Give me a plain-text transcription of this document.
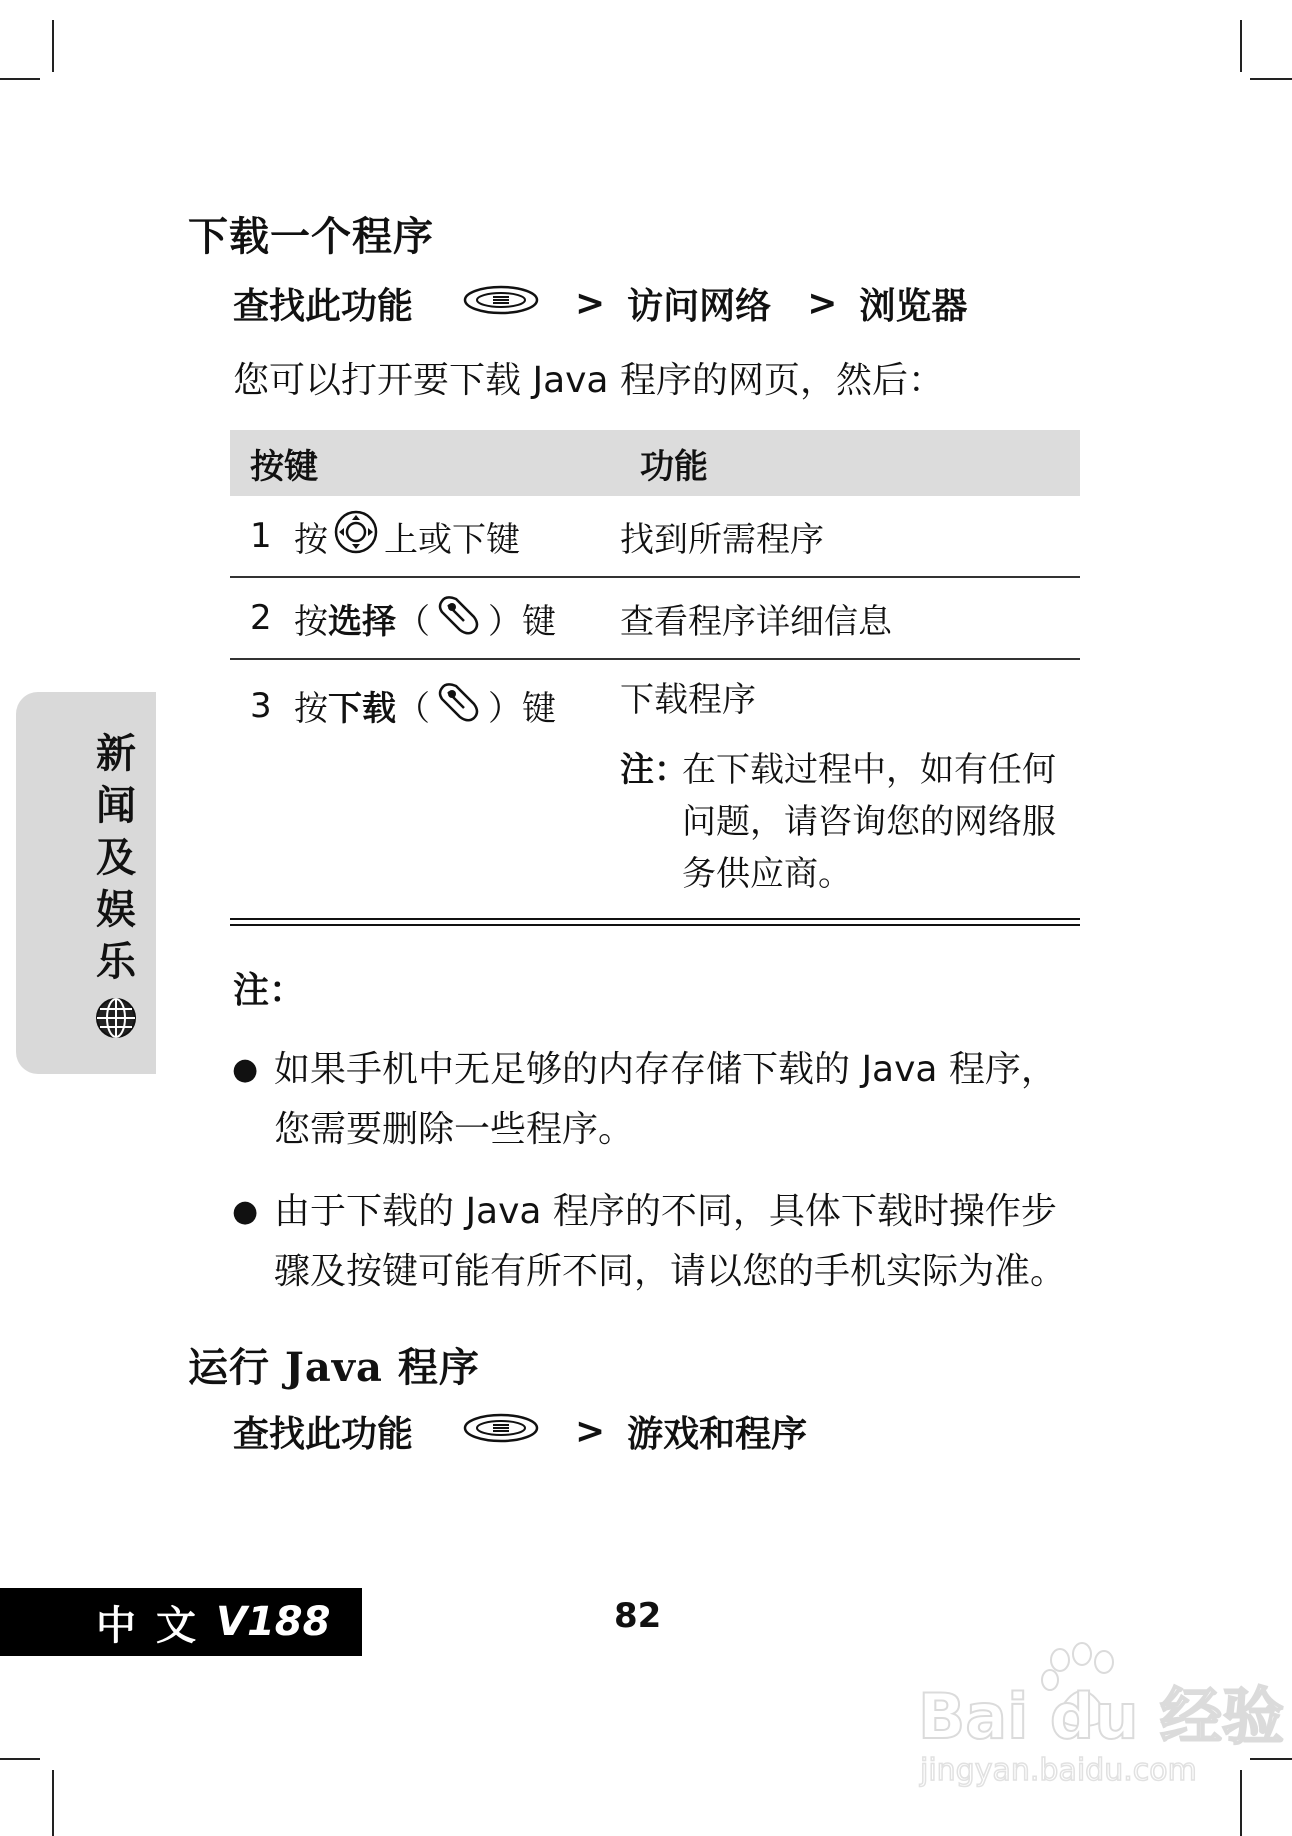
下载一个程序
查找此功能	> 访问网络 > 浏览器
您可以打开要下载 Java 程序的网页，然后：
按键	功能
1 按 上或下键	找到所需程序
2 按 选择 （ ）键 查看程序详细信息
3 按 下载 （ ）键 下载程序
注：
在下载过程中，如有任何
问题，请咨询您的网络服
务供应商。
注：
● 如果手机中无足够的内存存储下载的 Java 程序，
您需要删除一些程序。
● 由于下载的 Java 程序的不同，具体下载时操作步
骤及按键可能有所不同，请以您的手机实际为准。
运行 Java 程序
查找此功能	> 游戏和程序
新
闻
及
娱
乐
中文 V188	82
Bai du 经验
jingyan.baidu.com
